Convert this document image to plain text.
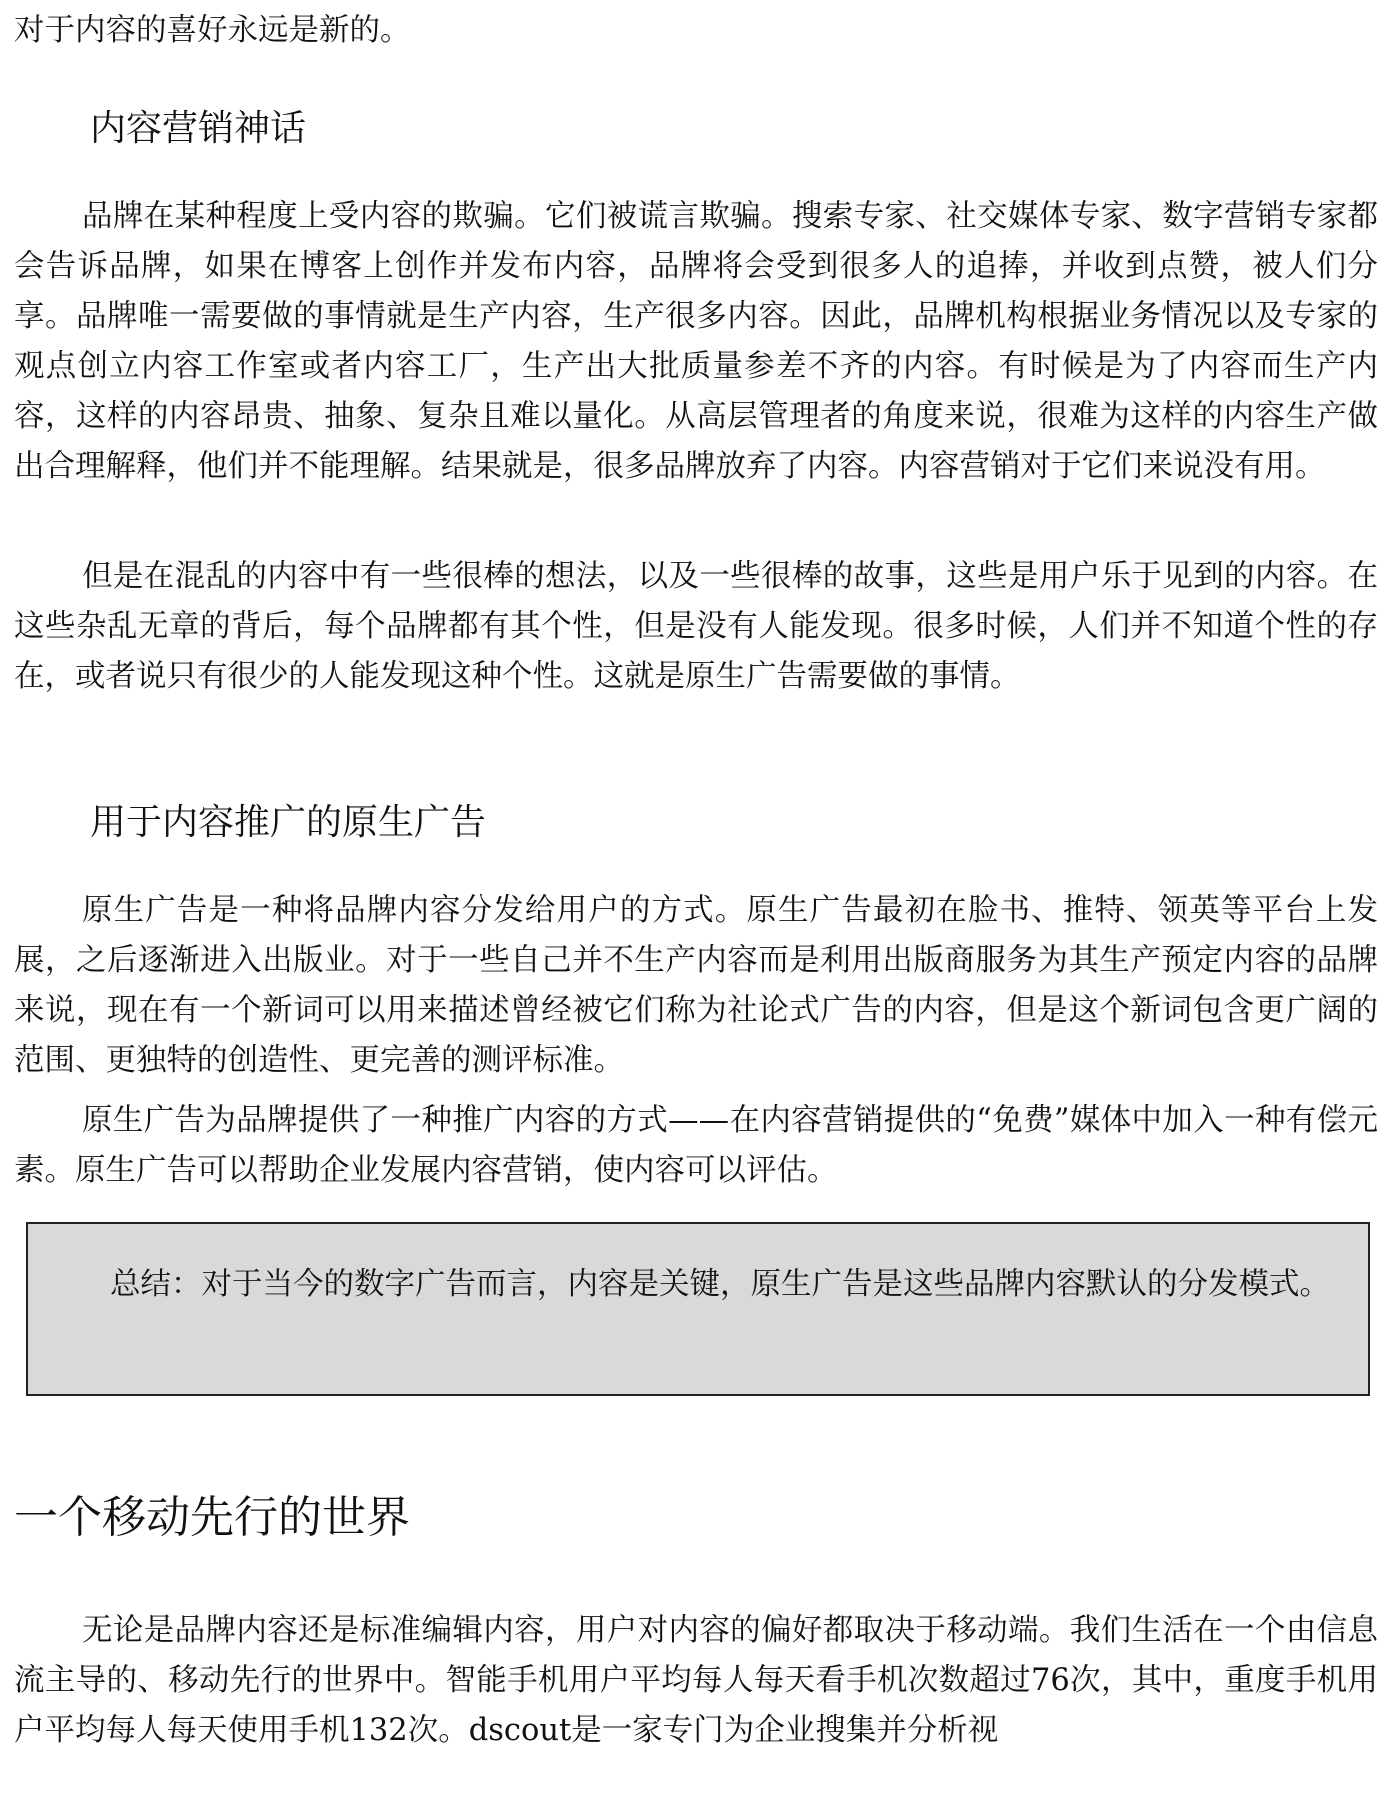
对于内容的喜好永远是新的。

内容营销神话

品牌在某种程度上受内容的欺骗。它们被谎言欺骗。搜索专家、社交媒体专家、数字营销专家都会告诉品牌，如果在博客上创作并发布内容，品牌将会受到很多人的追捧，并收到点赞，被人们分享。品牌唯一需要做的事情就是生产内容，生产很多内容。因此，品牌机构根据业务情况以及专家的观点创立内容工作室或者内容工厂，生产出大批质量参差不齐的内容。有时候是为了内容而生产内容，这样的内容昂贵、抽象、复杂且难以量化。从高层管理者的角度来说，很难为这样的内容生产做出合理解释，他们并不能理解。结果就是，很多品牌放弃了内容。内容营销对于它们来说没有用。

但是在混乱的内容中有一些很棒的想法，以及一些很棒的故事，这些是用户乐于见到的内容。在这些杂乱无章的背后，每个品牌都有其个性，但是没有人能发现。很多时候，人们并不知道个性的存在，或者说只有很少的人能发现这种个性。这就是原生广告需要做的事情。

用于内容推广的原生广告

原生广告是一种将品牌内容分发给用户的方式。原生广告最初在脸书、推特、领英等平台上发展，之后逐渐进入出版业。对于一些自己并不生产内容而是利用出版商服务为其生产预定内容的品牌来说，现在有一个新词可以用来描述曾经被它们称为社论式广告的内容，但是这个新词包含更广阔的范围、更独特的创造性、更完善的测评标准。

原生广告为品牌提供了一种推广内容的方式——在内容营销提供的“免费”媒体中加入一种有偿元素。原生广告可以帮助企业发展内容营销，使内容可以评估。

总结：对于当今的数字广告而言，内容是关键，原生广告是这些品牌内容默认的分发模式。

一个移动先行的世界

无论是品牌内容还是标准编辑内容，用户对内容的偏好都取决于移动端。我们生活在一个由信息流主导的、移动先行的世界中。智能手机用户平均每人每天看手机次数超过76次，其中，重度手机用户平均每人每天使用手机132次。dscout是一家专门为企业搜集并分析视
